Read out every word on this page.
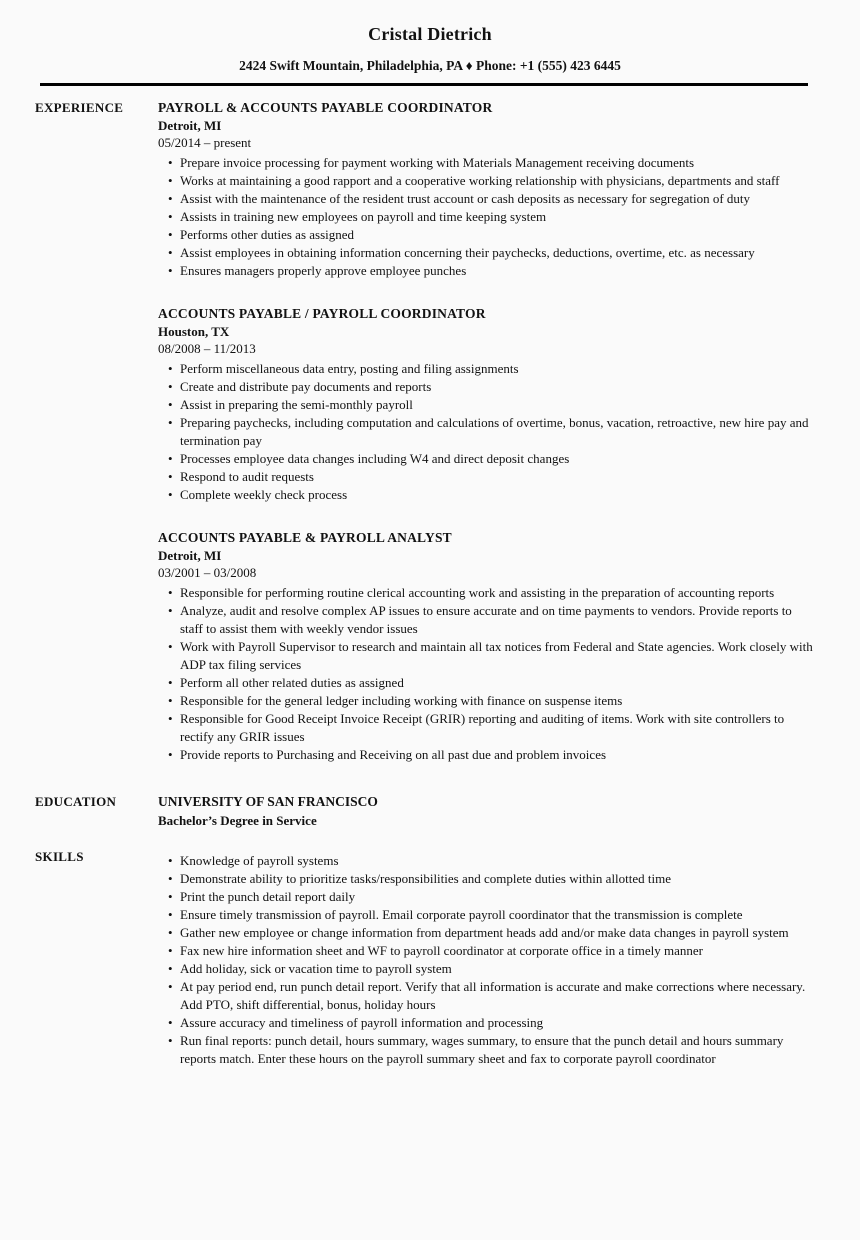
Cristal Dietrich

2424 Swift Mountain, Philadelphia, PA ♦ Phone: +1 (555) 423 6445

EXPERIENCE	PAYROLL & ACCOUNTS PAYABLE COORDINATOR
Detroit, MI
05/2014 – present
• Prepare invoice processing for payment working with Materials Management receiving documents
• Works at maintaining a good rapport and a cooperative working relationship with physicians, departments and staff
• Assist with the maintenance of the resident trust account or cash deposits as necessary for segregation of duty
• Assists in training new employees on payroll and time keeping system
• Performs other duties as assigned
• Assist employees in obtaining information concerning their paychecks, deductions, overtime, etc. as necessary
• Ensures managers properly approve employee punches
ACCOUNTS PAYABLE / PAYROLL COORDINATOR
Houston, TX
08/2008 – 11/2013
• Perform miscellaneous data entry, posting and filing assignments
• Create and distribute pay documents and reports
• Assist in preparing the semi-monthly payroll
• Preparing paychecks, including computation and calculations of overtime, bonus, vacation, retroactive, new hire pay and termination pay
• Processes employee data changes including W4 and direct deposit changes
• Respond to audit requests
• Complete weekly check process
ACCOUNTS PAYABLE & PAYROLL ANALYST
Detroit, MI
03/2001 – 03/2008
• Responsible for performing routine clerical accounting work and assisting in the preparation of accounting reports
• Analyze, audit and resolve complex AP issues to ensure accurate and on time payments to vendors. Provide reports to staff to assist them with weekly vendor issues
• Work with Payroll Supervisor to research and maintain all tax notices from Federal and State agencies. Work closely with ADP tax filing services
• Perform all other related duties as assigned
• Responsible for the general ledger including working with finance on suspense items
• Responsible for Good Receipt Invoice Receipt (GRIR) reporting and auditing of items. Work with site controllers to rectify any GRIR issues
• Provide reports to Purchasing and Receiving on all past due and problem invoices
EDUCATION	UNIVERSITY OF SAN FRANCISCO
Bachelor’s Degree in Service
SKILLS	• Knowledge of payroll systems
• Demonstrate ability to prioritize tasks/responsibilities and complete duties within allotted time
• Print the punch detail report daily
• Ensure timely transmission of payroll. Email corporate payroll coordinator that the transmission is complete
• Gather new employee or change information from department heads add and/or make data changes in payroll system
• Fax new hire information sheet and WF to payroll coordinator at corporate office in a timely manner
• Add holiday, sick or vacation time to payroll system
• At pay period end, run punch detail report. Verify that all information is accurate and make corrections where necessary. Add PTO, shift differential, bonus, holiday hours
• Assure accuracy and timeliness of payroll information and processing
• Run final reports: punch detail, hours summary, wages summary, to ensure that the punch detail and hours summary reports match. Enter these hours on the payroll summary sheet and fax to corporate payroll coordinator
